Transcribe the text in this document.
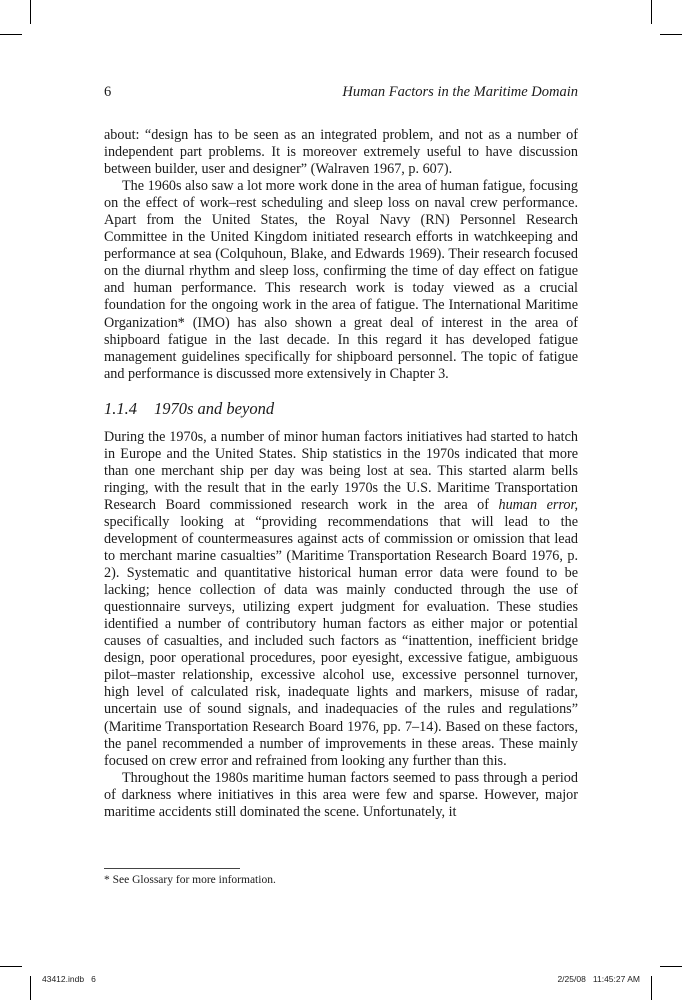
6	Human Factors in the Maritime Domain

about: “design has to be seen as an integrated problem, and not as a number of independent part problems. It is moreover extremely useful to have discussion between builder, user and designer” (Walraven 1967, p. 607).

The 1960s also saw a lot more work done in the area of human fatigue, focusing on the effect of work–rest scheduling and sleep loss on naval crew performance. Apart from the United States, the Royal Navy (RN) Personnel Research Committee in the United Kingdom initiated research efforts in watchkeeping and performance at sea (Colquhoun, Blake, and Edwards 1969). Their research focused on the diurnal rhythm and sleep loss, confirming the time of day effect on fatigue and human performance. This research work is today viewed as a crucial foundation for the ongoing work in the area of fatigue. The International Maritime Organization* (IMO) has also shown a great deal of interest in the area of shipboard fatigue in the last decade. In this regard it has developed fatigue management guidelines specifically for shipboard personnel. The topic of fatigue and performance is discussed more extensively in Chapter 3.

1.1.4 1970s and beyond

During the 1970s, a number of minor human factors initiatives had started to hatch in Europe and the United States. Ship statistics in the 1970s indicated that more than one merchant ship per day was being lost at sea. This started alarm bells ringing, with the result that in the early 1970s the U.S. Maritime Transportation Research Board commissioned research work in the area of human error, specifically looking at “providing recommendations that will lead to the development of countermeasures against acts of commission or omission that lead to merchant marine casualties” (Maritime Transportation Research Board 1976, p. 2). Systematic and quantitative historical human error data were found to be lacking; hence collection of data was mainly conducted through the use of questionnaire surveys, utilizing expert judgment for evaluation. These studies identified a number of contributory human factors as either major or potential causes of casualties, and included such factors as “inattention, inefficient bridge design, poor operational procedures, poor eyesight, excessive fatigue, ambiguous pilot–master relationship, excessive alcohol use, excessive personnel turnover, high level of calculated risk, inadequate lights and markers, misuse of radar, uncertain use of sound signals, and inadequacies of the rules and regulations” (Maritime Transportation Research Board 1976, pp. 7–14). Based on these factors, the panel recommended a number of improvements in these areas. These mainly focused on crew error and refrained from looking any further than this.

Throughout the 1980s maritime human factors seemed to pass through a period of darkness where initiatives in this area were few and sparse. However, major maritime accidents still dominated the scene. Unfortunately, it

* See Glossary for more information.
43412.indb   6	2/25/08   11:45:27 AM
